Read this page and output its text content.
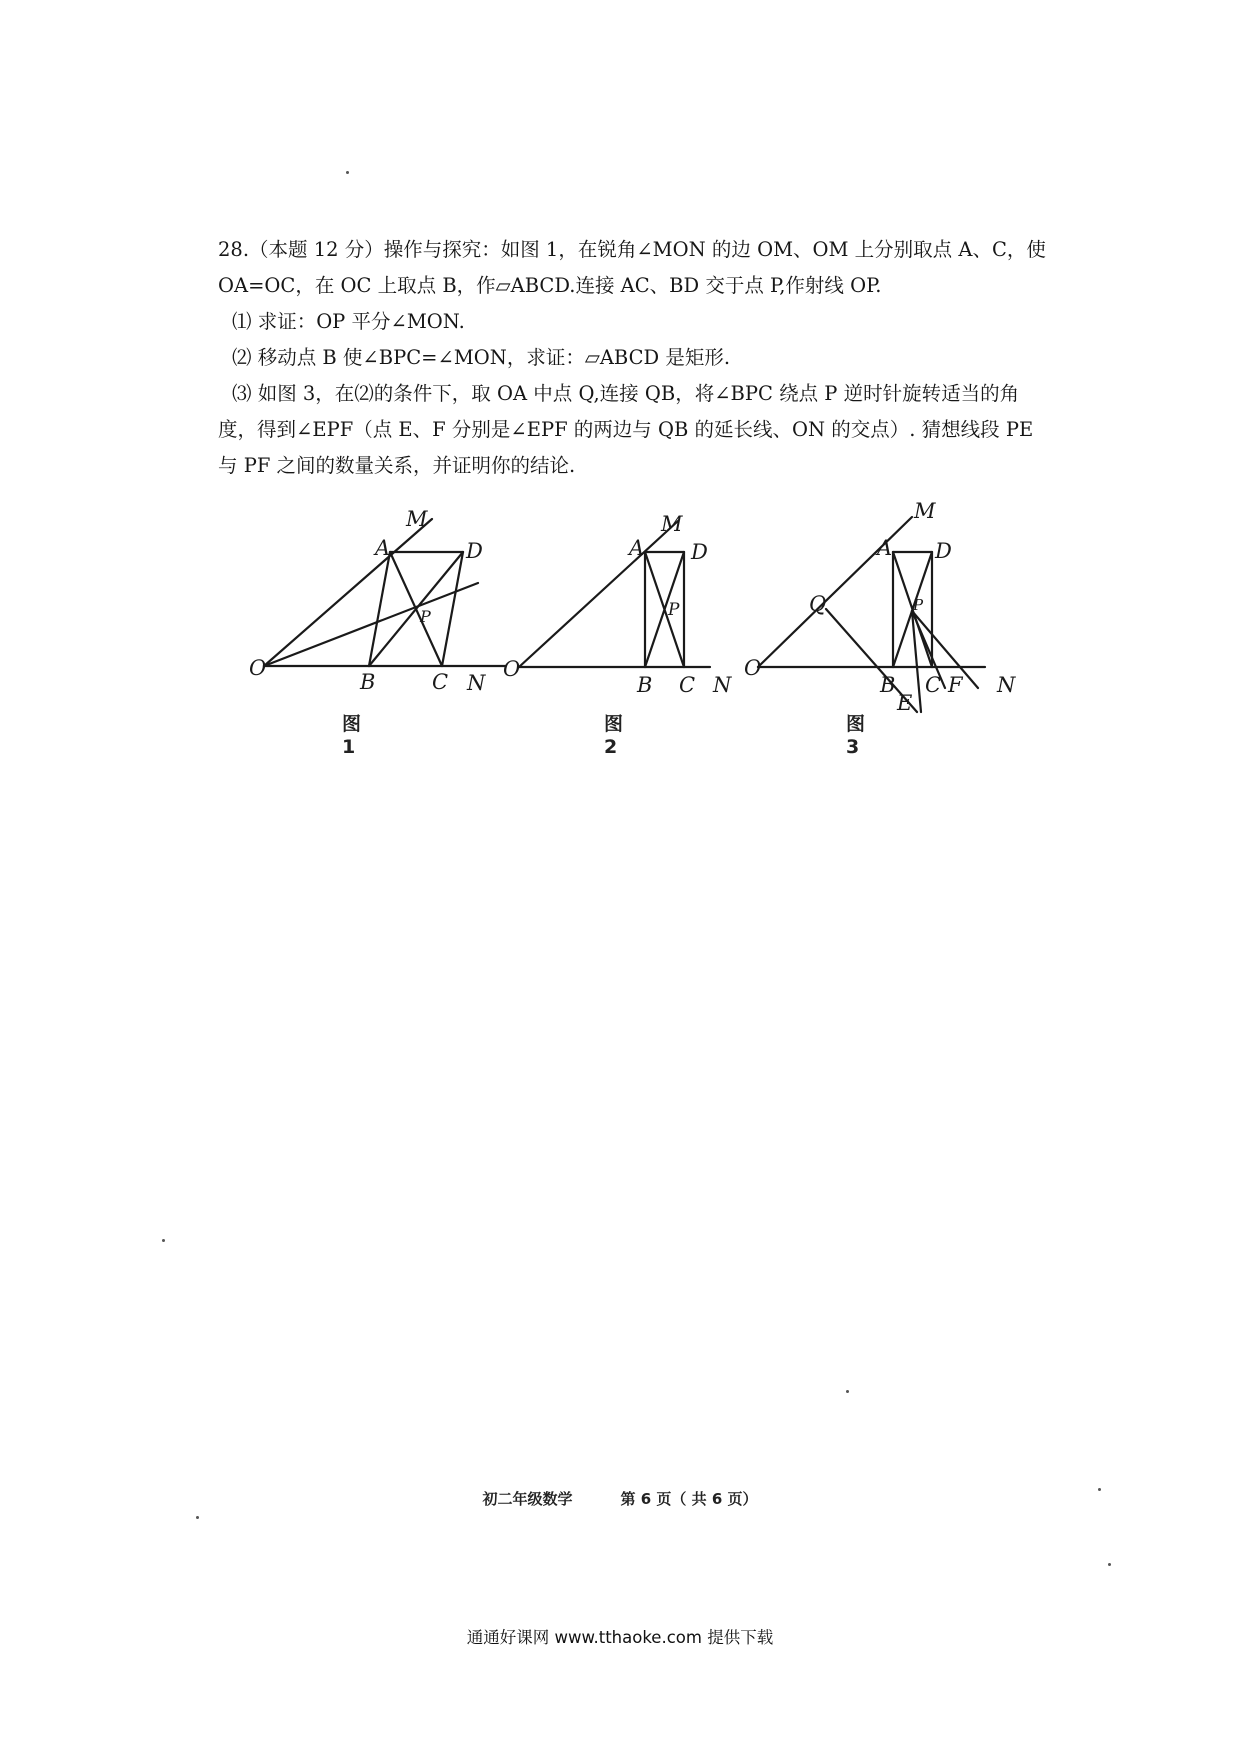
28.（本题 12 分）操作与探究：如图 1，在锐角∠MON 的边 OM、OM 上分别取点 A、C，使
OA=OC，在 OC 上取点 B，作▱ABCD.连接 AC、BD 交于点 P,作射线 OP.
⑴ 求证：OP 平分∠MON.
⑵ 移动点 B 使∠BPC=∠MON，求证：▱ABCD 是矩形.
⑶ 如图 3，在⑵的条件下，取 OA 中点 Q,连接 QB，将∠BPC 绕点 P 逆时针旋转适当的角
度，得到∠EPF（点 E、F 分别是∠EPF 的两边与 QB 的延长线、ON 的交点）. 猜想线段 PE
与 PF 之间的数量关系，并证明你的结论.
M
A	D
P
O
B	C N
M
A D
P
O
B C N
M
A D
Q	P
O
B C F N
E
图 1
图 2
图 3
初二年级数学	第 6 页（ 共 6 页）
通通好课网 www.tthaoke.com 提供下载
